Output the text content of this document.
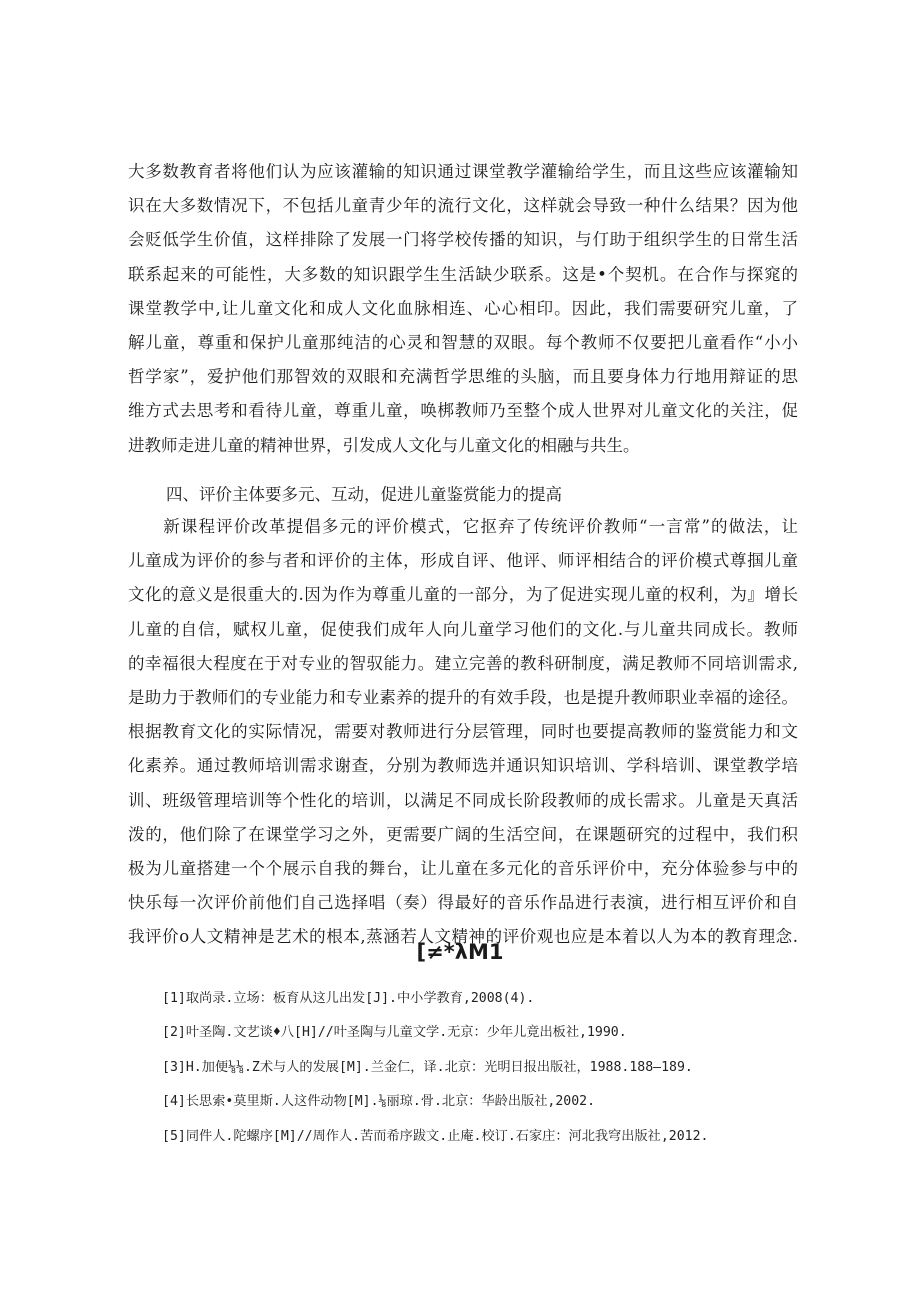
大多数教育者将他们认为应该灌输的知识通过课堂教学灌输给学生，而且这些应该灌输知
识在大多数情况下，不包括儿童青少年的流行文化，这样就会导致一种什么结果？因为他
会贬低学生价值，这样排除了发展一门将学校传播的知识，与仃助于组织学生的日常生活
联系起来的可能性，大多数的知识跟学生生活缺少联系。这是•个契机。在合作与探窕的
课堂教学中,让儿童文化和成人文化血脉相连、心心相印。因此，我们需要研究儿童，了
解儿童，尊重和保护儿童那纯洁的心灵和智慧的双眼。每个教师不仅要把儿童看作“小小
哲学家”，爱护他们那智效的双眼和充满哲学思维的头脑，而且要身体力行地用辩证的思
维方式去思考和看待儿童，尊重儿童，唤梆教师乃至整个成人世界对儿童文化的关注，促
进教师走进儿童的精神世界，引发成人文化与儿童文化的相融与共生。
四、评价主体要多元、互动，促进儿童鉴赏能力的提高
　　新课程评价改革提倡多元的评价模式，它抠弃了传统评价教师“一言常”的做法，让
儿童成为评价的参与者和评价的主体，形成自评、他评、师评相结合的评价模式尊掴儿童
文化的意义是很重大的.因为作为尊重儿童的一部分，为了促进实现儿童的权利，为』增长
儿童的自信，赋权儿童，促使我们成年人向儿童学习他们的文化.与儿童共同成长。教师
的幸福很大程度在于对专业的智驭能力。建立完善的教科研制度，满足教师不同培训需求,
是助力于教师们的专业能力和专业素养的提升的有效手段，也是提升教师职业幸福的途径。
根据教育文化的实际情况，需要对教师进行分层管理，同时也要提高教师的鉴赏能力和文
化素养。通过教师培训需求谢查，分别为教师选并通识知识培训、学科培训、课堂教学培
训、班级管理培训等个性化的培训，以满足不同成长阶段教师的成长需求。儿童是天真活
泼的，他们除了在课堂学习之外，更需要广阔的生活空间，在课题研究的过程中，我们积
极为儿童搭建一个个展示自我的舞台，让儿童在多元化的音乐评价中，充分体验参与中的
快乐每一次评价前他们自己选择唱（奏）得最好的音乐作品进行表演，进行相互评价和自
我评价o人文精神是艺术的根本,蒸涵若人文精神的评价观也应是本着以人为本的教育理念.
[≠*λM1
[1]取尚录.立场：板育从这儿出发[J].中小学教育,2008(4).
[2]叶圣陶.文艺谈♦八[H]//叶圣陶与儿童文学.无京：少年儿竟出板社,1990.
[3]H.加便⅛⅛.Z术与人的发展[M].兰金仁，译.北京：光明日报出版社，1988.188—189.
[4]长思索•莫里斯.人这件动物[M].⅛丽琼.骨.北京：华龄出版社,2002.
[5]同件人.陀螺序[M]//周作人.苦而希序跋文.止庵.校订.石家庄：河北我穹出版社,2012.
